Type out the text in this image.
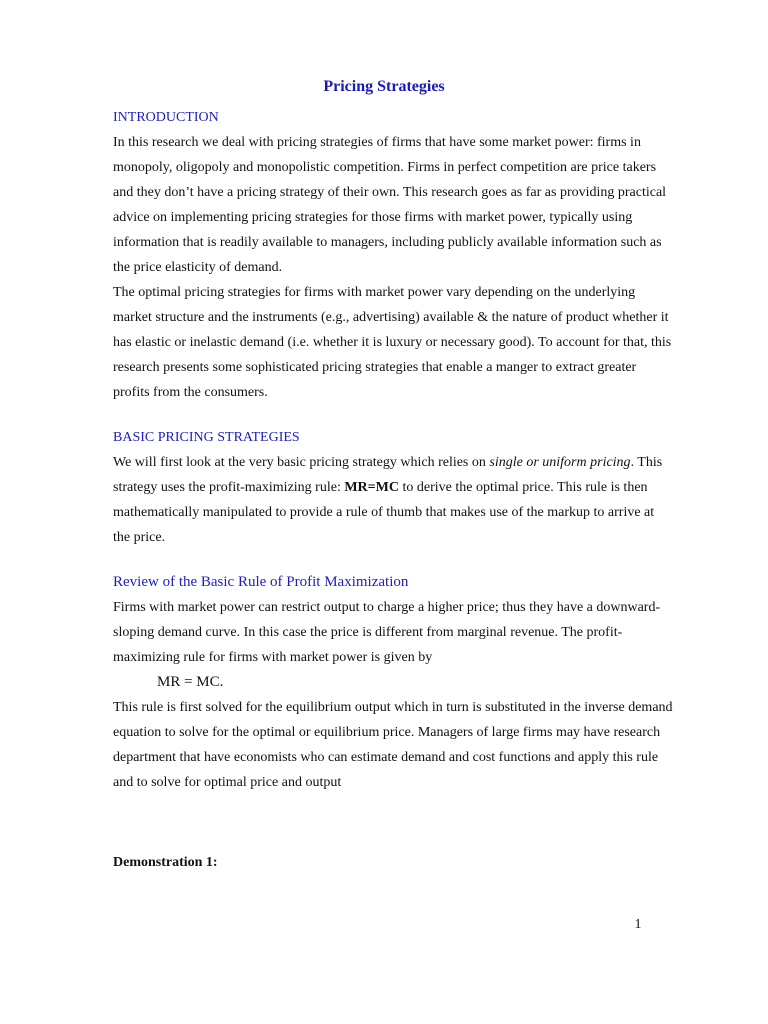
Pricing Strategies

INTRODUCTION

In this research we deal with pricing strategies of firms that have some market power: firms in monopoly, oligopoly and monopolistic competition. Firms in perfect competition are price takers and they don’t have a pricing strategy of their own. This research goes as far as providing practical advice on implementing pricing strategies for those firms with market power, typically using information that is readily available to managers, including publicly available information such as the price elasticity of demand.

The optimal pricing strategies for firms with market power vary depending on the underlying market structure and the instruments (e.g., advertising) available & the nature of product whether it has elastic or inelastic demand (i.e. whether it is luxury or necessary good). To account for that, this research presents some sophisticated pricing strategies that enable a manger to extract greater profits from the consumers.

BASIC PRICING STRATEGIES

We will first look at the very basic pricing strategy which relies on single or uniform pricing. This strategy uses the profit-maximizing rule: MR=MC to derive the optimal price. This rule is then mathematically manipulated to provide a rule of thumb that makes use of the markup to arrive at the price.

Review of the Basic Rule of Profit Maximization

Firms with market power can restrict output to charge a higher price; thus they have a downward-sloping demand curve. In this case the price is different from marginal revenue. The profit-maximizing rule for firms with market power is given by

MR = MC.

This rule is first solved for the equilibrium output which in turn is substituted in the inverse demand equation to solve for the optimal or equilibrium price. Managers of large firms may have research department that have economists who can estimate demand and cost functions and apply this rule and to solve for optimal price and output

Demonstration 1:
1
